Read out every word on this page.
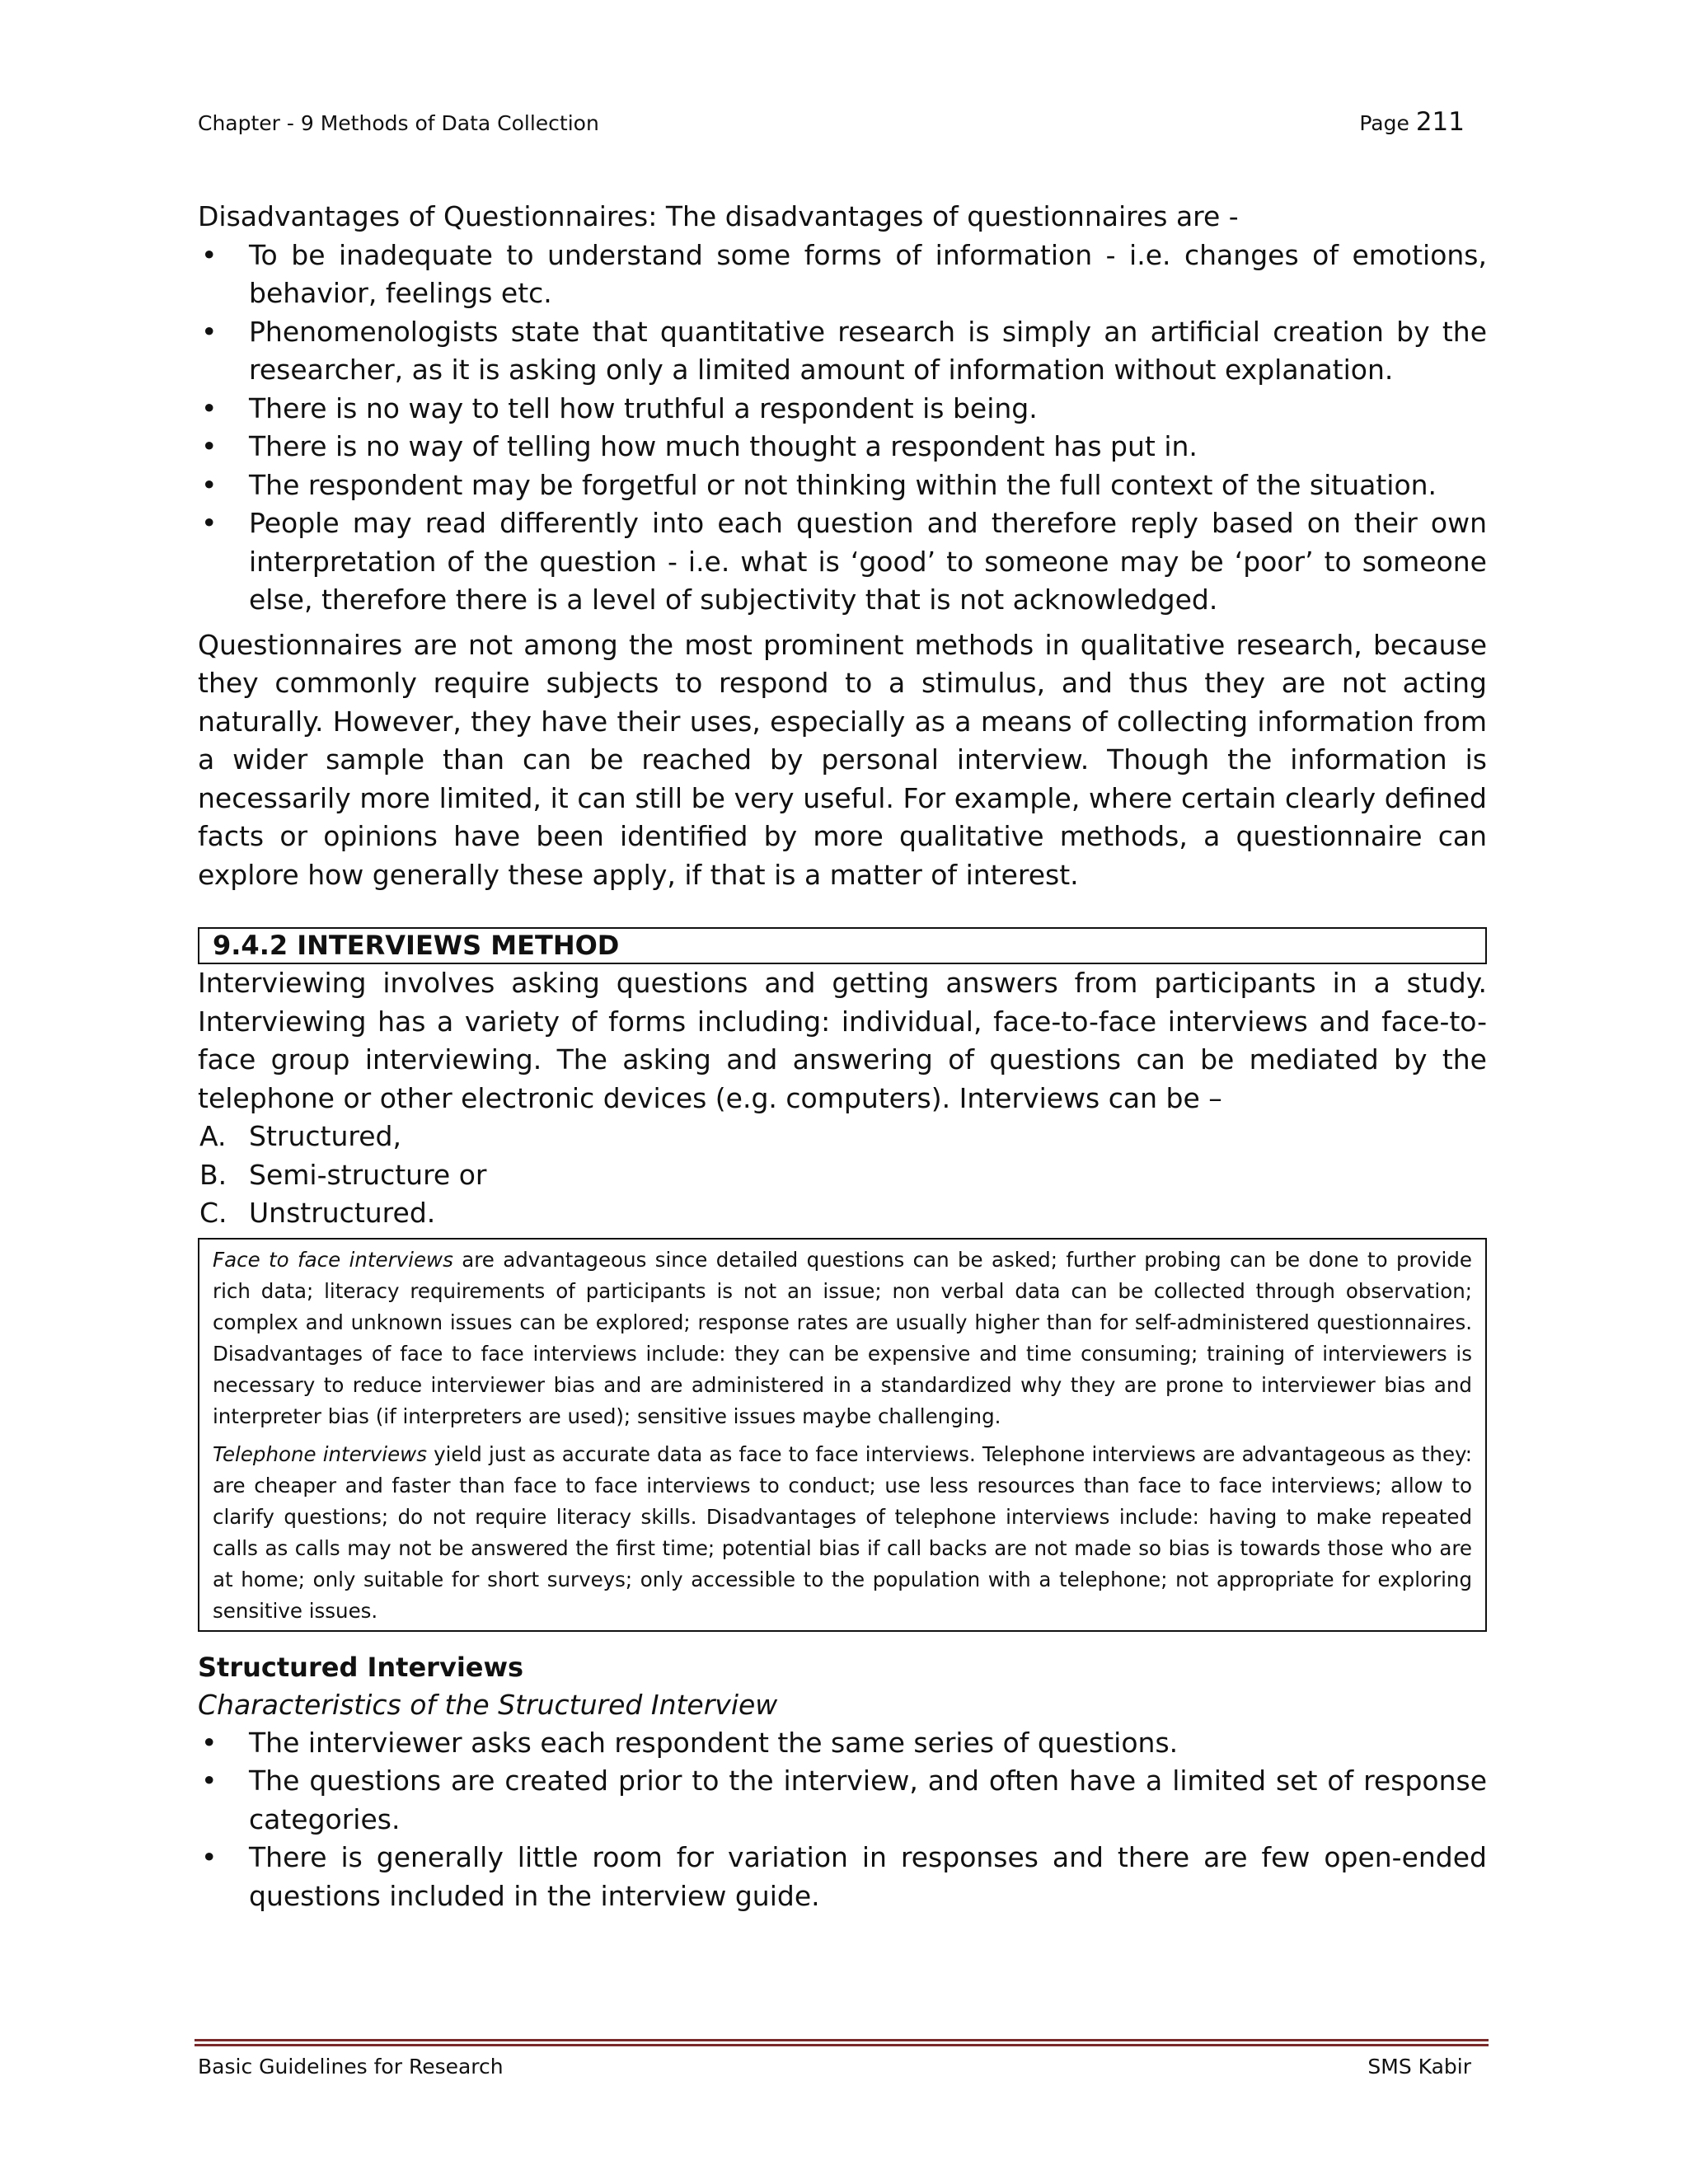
Chapter - 9 Methods of Data Collection	Page 211

Disadvantages of Questionnaires: The disadvantages of questionnaires are -

• To be inadequate to understand some forms of information - i.e. changes of emotions, behavior, feelings etc.
• Phenomenologists state that quantitative research is simply an artificial creation by the researcher, as it is asking only a limited amount of information without explanation.
• There is no way to tell how truthful a respondent is being.
• There is no way of telling how much thought a respondent has put in.
• The respondent may be forgetful or not thinking within the full context of the situation.
• People may read differently into each question and therefore reply based on their own interpretation of the question - i.e. what is ‘good’ to someone may be ‘poor’ to someone else, therefore there is a level of subjectivity that is not acknowledged.

Questionnaires are not among the most prominent methods in qualitative research, because they commonly require subjects to respond to a stimulus, and thus they are not acting naturally. However, they have their uses, especially as a means of collecting information from a wider sample than can be reached by personal interview. Though the information is necessarily more limited, it can still be very useful. For example, where certain clearly defined facts or opinions have been identified by more qualitative methods, a questionnaire can explore how generally these apply, if that is a matter of interest.

9.4.2 INTERVIEWS METHOD

Interviewing involves asking questions and getting answers from participants in a study. Interviewing has a variety of forms including: individual, face-to-face interviews and face-to-face group interviewing. The asking and answering of questions can be mediated by the telephone or other electronic devices (e.g. computers). Interviews can be –

A. Structured,
B. Semi-structure or
C. Unstructured.

Face to face interviews are advantageous since detailed questions can be asked; further probing can be done to provide rich data; literacy requirements of participants is not an issue; non verbal data can be collected through observation; complex and unknown issues can be explored; response rates are usually higher than for self-administered questionnaires. Disadvantages of face to face interviews include: they can be expensive and time consuming; training of interviewers is necessary to reduce interviewer bias and are administered in a standardized why they are prone to interviewer bias and interpreter bias (if interpreters are used); sensitive issues maybe challenging.

Telephone interviews yield just as accurate data as face to face interviews. Telephone interviews are advantageous as they: are cheaper and faster than face to face interviews to conduct; use less resources than face to face interviews; allow to clarify questions; do not require literacy skills. Disadvantages of telephone interviews include: having to make repeated calls as calls may not be answered the first time; potential bias if call backs are not made so bias is towards those who are at home; only suitable for short surveys; only accessible to the population with a telephone; not appropriate for exploring sensitive issues.

Structured Interviews

Characteristics of the Structured Interview

• The interviewer asks each respondent the same series of questions.
• The questions are created prior to the interview, and often have a limited set of response categories.
• There is generally little room for variation in responses and there are few open-ended questions included in the interview guide.
Basic Guidelines for Research	SMS Kabir
